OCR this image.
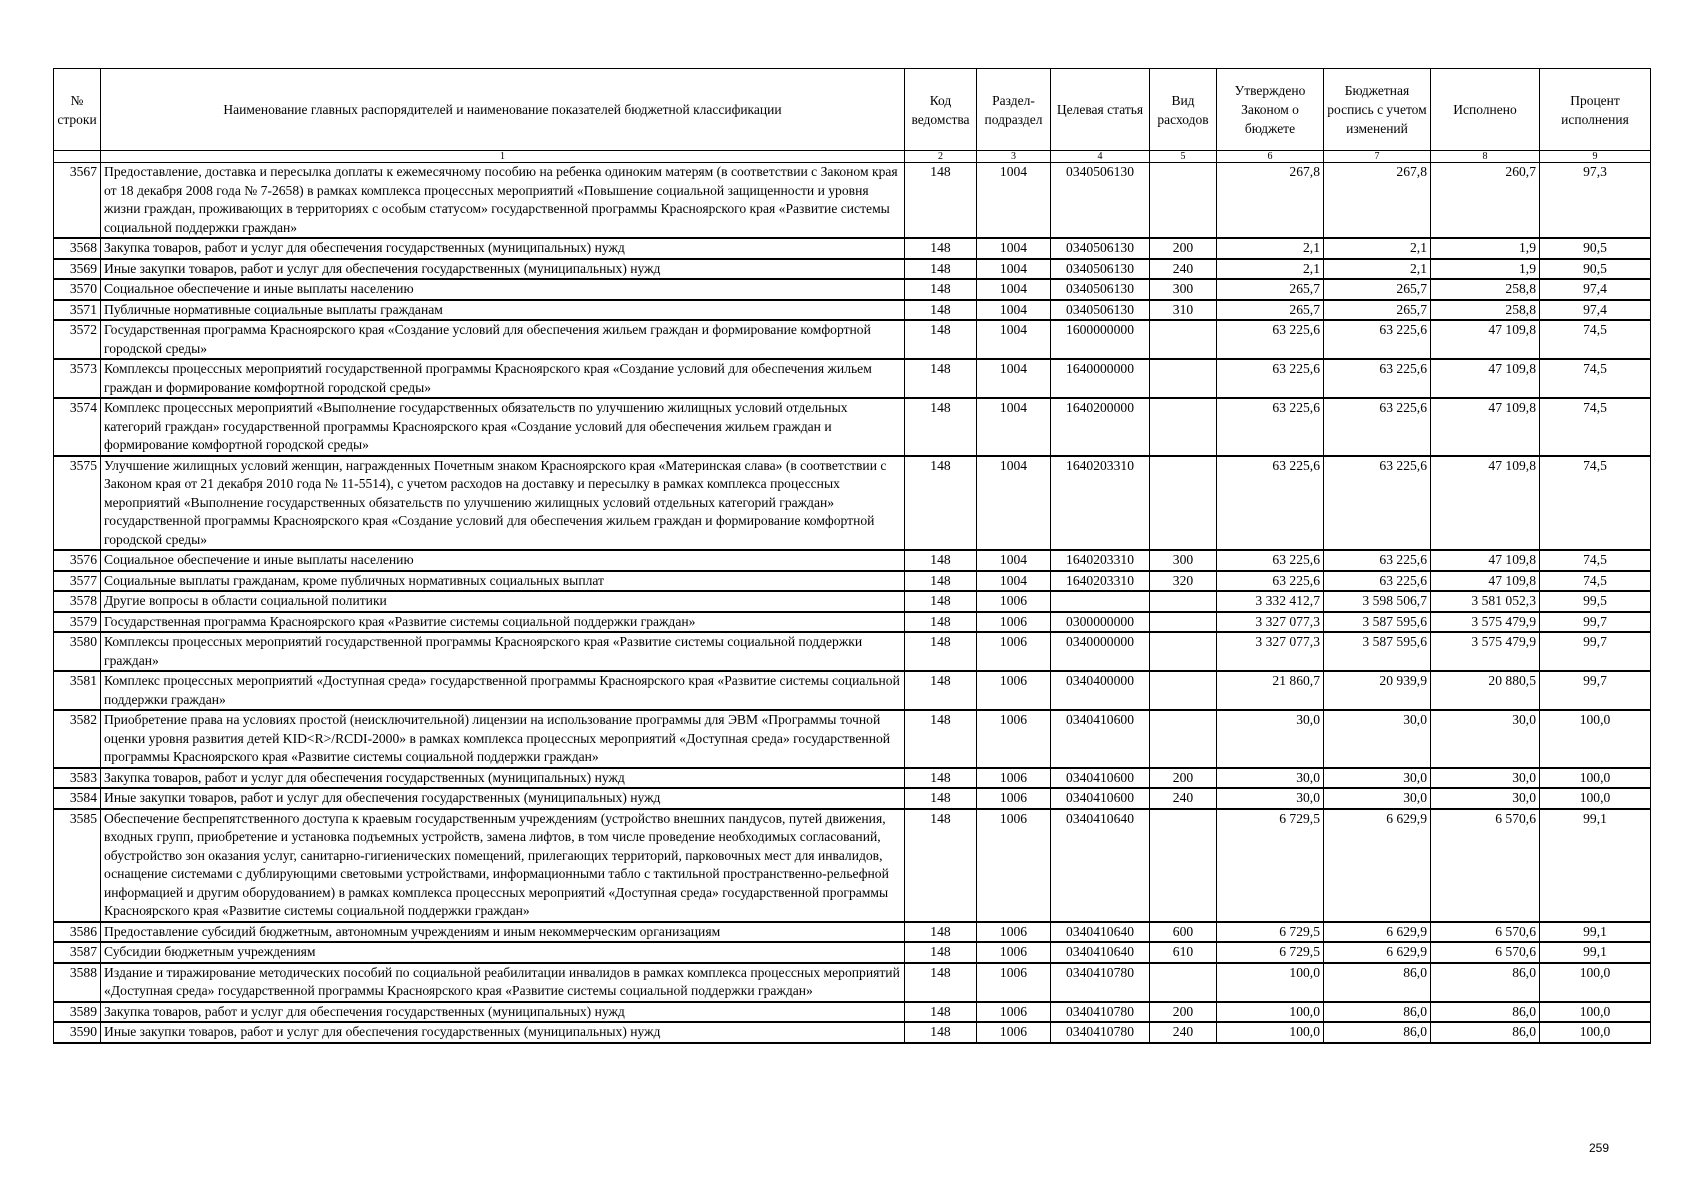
№ строки	Наименование главных распорядителей и наименование показателей бюджетной классификации	Код ведомства	Раздел-подраздел	Целевая статья	Вид расходов	Утверждено Законом о бюджете	Бюджетная роспись с учетом изменений	Исполнено	Процент исполнения
	1	2	3	4	5	6	7	8	9
3567	Предоставление, доставка и пересылка доплаты к ежемесячному пособию на ребенка одиноким матерям (в соответствии с Законом края от 18 декабря 2008 года № 7-2658) в рамках комплекса процессных мероприятий «Повышение социальной защищенности и уровня жизни граждан, проживающих в территориях с особым статусом» государственной программы Красноярского края «Развитие системы социальной поддержки граждан»	148	1004	0340506130		267,8	267,8	260,7	97,3
3568	Закупка товаров, работ и услуг для обеспечения государственных (муниципальных) нужд	148	1004	0340506130	200	2,1	2,1	1,9	90,5
3569	Иные закупки товаров, работ и услуг для обеспечения государственных (муниципальных) нужд	148	1004	0340506130	240	2,1	2,1	1,9	90,5
3570	Социальное обеспечение и иные выплаты населению	148	1004	0340506130	300	265,7	265,7	258,8	97,4
3571	Публичные нормативные социальные выплаты гражданам	148	1004	0340506130	310	265,7	265,7	258,8	97,4
3572	Государственная программа Красноярского края «Создание условий для обеспечения жильем граждан и формирование комфортной городской среды»	148	1004	1600000000		63 225,6	63 225,6	47 109,8	74,5
3573	Комплексы процессных мероприятий государственной программы Красноярского края «Создание условий для обеспечения жильем граждан и формирование комфортной городской среды»	148	1004	1640000000		63 225,6	63 225,6	47 109,8	74,5
3574	Комплекс процессных мероприятий «Выполнение государственных обязательств по улучшению жилищных условий отдельных категорий граждан» государственной программы Красноярского края «Создание условий для обеспечения жильем граждан и формирование комфортной городской среды»	148	1004	1640200000		63 225,6	63 225,6	47 109,8	74,5
3575	Улучшение жилищных условий женщин, награжденных Почетным знаком Красноярского края «Материнская слава» (в соответствии с Законом края от 21 декабря 2010 года № 11-5514), с учетом расходов на доставку и пересылку в рамках комплекса процессных мероприятий «Выполнение государственных обязательств по улучшению жилищных условий отдельных категорий граждан» государственной программы Красноярского края «Создание условий для обеспечения жильем граждан и формирование комфортной городской среды»	148	1004	1640203310		63 225,6	63 225,6	47 109,8	74,5
3576	Социальное обеспечение и иные выплаты населению	148	1004	1640203310	300	63 225,6	63 225,6	47 109,8	74,5
3577	Социальные выплаты гражданам, кроме публичных нормативных социальных выплат	148	1004	1640203310	320	63 225,6	63 225,6	47 109,8	74,5
3578	Другие вопросы в области социальной политики	148	1006			3 332 412,7	3 598 506,7	3 581 052,3	99,5
3579	Государственная программа Красноярского края «Развитие системы социальной поддержки граждан»	148	1006	0300000000		3 327 077,3	3 587 595,6	3 575 479,9	99,7
3580	Комплексы процессных мероприятий государственной программы Красноярского края «Развитие системы социальной поддержки граждан»	148	1006	0340000000		3 327 077,3	3 587 595,6	3 575 479,9	99,7
3581	Комплекс процессных мероприятий «Доступная среда» государственной программы Красноярского края «Развитие системы социальной поддержки граждан»	148	1006	0340400000		21 860,7	20 939,9	20 880,5	99,7
3582	Приобретение права на условиях простой (неисключительной) лицензии на использование программы для ЭВМ «Программы точной оценки уровня развития детей KID<R>/RCDI-2000» в рамках комплекса процессных мероприятий «Доступная среда» государственной программы Красноярского края «Развитие системы социальной поддержки граждан»	148	1006	0340410600		30,0	30,0	30,0	100,0
3583	Закупка товаров, работ и услуг для обеспечения государственных (муниципальных) нужд	148	1006	0340410600	200	30,0	30,0	30,0	100,0
3584	Иные закупки товаров, работ и услуг для обеспечения государственных (муниципальных) нужд	148	1006	0340410600	240	30,0	30,0	30,0	100,0
3585	Обеспечение беспрепятственного доступа к краевым государственным учреждениям (устройство внешних пандусов, путей движения, входных групп, приобретение и установка подъемных устройств, замена лифтов, в том числе проведение необходимых согласований, обустройство зон оказания услуг, санитарно-гигиенических помещений, прилегающих территорий, парковочных мест для инвалидов, оснащение системами с дублирующими световыми устройствами, информационными табло с тактильной пространственно-рельефной информацией и другим оборудованием) в рамках комплекса процессных мероприятий «Доступная среда» государственной программы Красноярского края «Развитие системы социальной поддержки граждан»	148	1006	0340410640		6 729,5	6 629,9	6 570,6	99,1
3586	Предоставление субсидий бюджетным, автономным учреждениям и иным некоммерческим организациям	148	1006	0340410640	600	6 729,5	6 629,9	6 570,6	99,1
3587	Субсидии бюджетным учреждениям	148	1006	0340410640	610	6 729,5	6 629,9	6 570,6	99,1
3588	Издание и тиражирование методических пособий по социальной реабилитации инвалидов в рамках комплекса процессных мероприятий «Доступная среда» государственной программы Красноярского края «Развитие системы социальной поддержки граждан»	148	1006	0340410780		100,0	86,0	86,0	100,0
3589	Закупка товаров, работ и услуг для обеспечения государственных (муниципальных) нужд	148	1006	0340410780	200	100,0	86,0	86,0	100,0
3590	Иные закупки товаров, работ и услуг для обеспечения государственных (муниципальных) нужд	148	1006	0340410780	240	100,0	86,0	86,0	100,0
259
